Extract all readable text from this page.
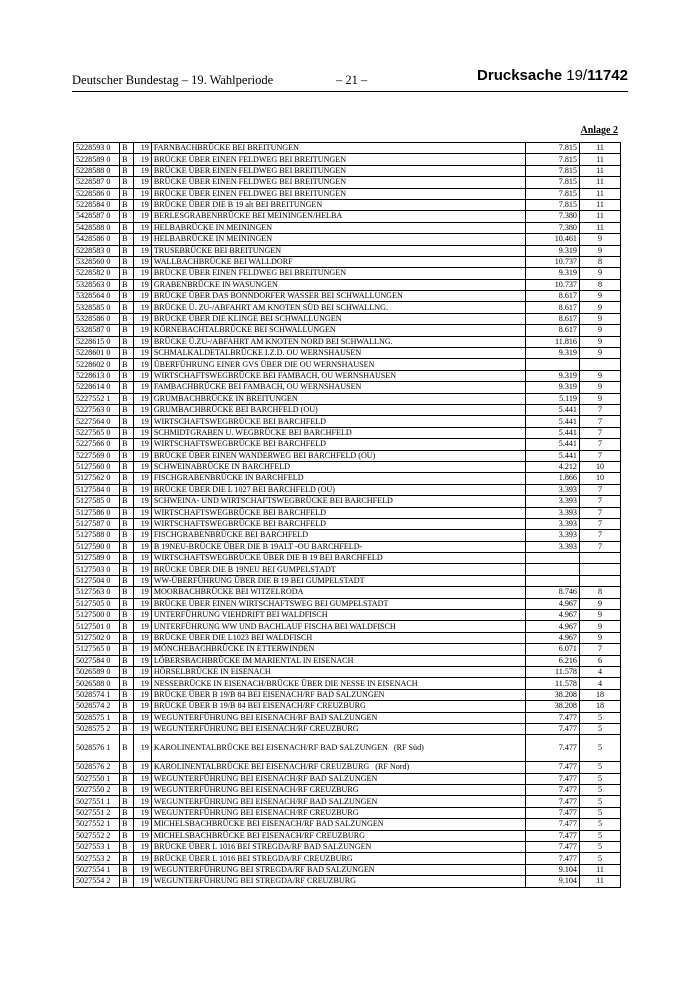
Deutscher Bundestag – 19. Wahlperiode	– 21 –	Drucksache 19/11742
Anlage 2
5228593 0	B	19	FARNBACHBRÜCKE BEI BREITUNGEN	7.815	11
5228589 0	B	19	BRÜCKE ÜBER EINEN FELDWEG BEI BREITUNGEN	7.815	11
5228588 0	B	19	BRÜCKE ÜBER EINEN FELDWEG BEI BREITUNGEN	7.815	11
5228587 0	B	19	BRÜCKE ÜBER EINEN FELDWEG BEI BREITUNGEN	7.815	11
5228586 0	B	19	BRÜCKE ÜBER EINEN FELDWEG BEI BREITUNGEN	7.815	11
5228584 0	B	19	BRÜCKE ÜBER DIE B 19 alt BEI BREITUNGEN	7.815	11
5428587 0	B	19	BERLESGRABENBRÜCKE BEI MEININGEN/HELBA	7.380	11
5428588 0	B	19	HELBABRÜCKE IN MEININGEN	7.380	11
5428586 0	B	19	HELBABRÜCKE IN MEININGEN	10.461	9
5228583 0	B	19	TRUSEBRÜCKE BEI BREITUNGEN	9.319	9
5328560 0	B	19	WALLBACHBRÜCKE BEI WALLDORF	10.737	8
5228582 0	B	19	BRÜCKE ÜBER EINEN FELDWEG BEI BREITUNGEN	9.319	9
5328563 0	B	19	GRABENBRÜCKE IN WASUNGEN	10.737	8
5328564 0	B	19	BRÜCKE ÜBER DAS BONNDORFER WASSER BEI SCHWALLUNGEN	8.617	9
5328585 0	B	19	BRÜCKE Ü. ZU-/ABFAHRT AM KNOTEN SÜD BEI SCHWALLNG.	8.617	9
5328586 0	B	19	BRÜCKE ÜBER DIE KLINGE BEI SCHWALLUNGEN	8.617	9
5328587 0	B	19	KÖRNEBACHTALBRÜCKE BEI SCHWALLUNGEN	8.617	9
5228615 0	B	19	BRÜCKE Ü.ZU-/ABFAHRT AM KNOTEN NORD BEI SCHWALLNG.	11.816	9
5228601 0	B	19	SCHMALKALDETALBRÜCKE I.Z.D. OU WERNSHAUSEN	9.319	9
5228602 0	B	19	ÜBERFÜHRUNG EINER GVS ÜBER DIE OU WERNSHAUSEN		
5228613 0	B	19	WIRTSCHAFTSWEGBRÜCKE BEI FAMBACH, OU WERNSHAUSEN	9.319	9
5228614 0	B	19	FAMBACHBRÜCKE BEI FAMBACH, OU WERNSHAUSEN	9.319	9
5227552 1	B	19	GRUMBACHBRÜCKE IN BREITUNGEN	5.119	9
5227563 0	B	19	GRUMBACHBRÜCKE BEI BARCHFELD (OU)	5.441	7
5227564 0	B	19	WIRTSCHAFTSWEGBRÜCKE BEI BARCHFELD	5.441	7
5227565 0	B	19	SCHMIDTGRABEN U. WEGBRÜCKE BEI BARCHFELD	5.441	7
5227566 0	B	19	WIRTSCHAFTSWEGBRÜCKE BEI BARCHFELD	5.441	7
5227569 0	B	19	BRÜCKE ÜBER EINEN WANDERWEG BEI BARCHFELD (OU)	5.441	7
5127560 0	B	19	SCHWEINABRÜCKE IN BARCHFELD	4.212	10
5127562 0	B	19	FISCHGRABENBRÜCKE IN BARCHFELD	1.866	10
5127584 0	B	19	BRÜCKE ÜBER DIE L 1027 BEI BARCHFELD (OU)	3.393	7
5127585 0	B	19	SCHWEINA- UND WIRTSCHAFTSWEGBRÜCKE BEI BARCHFELD	3.393	7
5127586 0	B	19	WIRTSCHAFTSWEGBRÜCKE BEI BARCHFELD	3.393	7
5127587 0	B	19	WIRTSCHAFTSWEGBRÜCKE BEI BARCHFELD	3.393	7
5127588 0	B	19	FISCHGRABENBRÜCKE BEI BARCHFELD	3.393	7
5127590 0	B	19	B 19NEU-BRÜCKE ÜBER DIE B 19ALT -OU BARCHFELD-	3.393	7
5127589 0	B	19	WIRTSCHAFTSWEGBRÜCKE ÜBER DIE B 19 BEI BARCHFELD		
5127503 0	B	19	BRÜCKE ÜBER DIE B 19NEU BEI GUMPELSTADT		
5127504 0	B	19	WW-ÜBERFÜHRUNG ÜBER DIE B 19 BEI GUMPELSTADT		
5127563 0	B	19	MOORBACHBRÜCKE BEI WITZELRODA	8.746	8
5127505 0	B	19	BRÜCKE ÜBER EINEN WIRTSCHAFTSWEG BEI GUMPELSTADT	4.967	9
5127500 0	B	19	UNTERFÜHRUNG VIEHDRIFT BEI WALDFISCH	4.967	9
5127501 0	B	19	UNTERFÜHRUNG WW UND BACHLAUF FISCHA BEI WALDFISCH	4.967	9
5127502 0	B	19	BRÜCKE ÜBER DIE L1023 BEI WALDFISCH	4.967	9
5127565 0	B	19	MÖNCHEBACHBRÜCKE IN ETTERWINDEN	6.071	7
5027584 0	B	19	LÖBERSBACHBRÜCKE IM MARIENTAL IN EISENACH	6.216	6
5026589 0	B	19	HÖRSELBRÜCKE IN EISENACH	11.578	4
5026588 0	B	19	NESSEBRÜCKE IN EISENACH/BRÜCKE ÜBER DIE NESSE IN EISENACH	11.578	4
5028574 1	B	19	BRÜCKE ÜBER B 19/B 84 BEI EISENACH/RF BAD SALZUNGEN	38.208	18
5028574 2	B	19	BRÜCKE ÜBER B 19/B 84 BEI EISENACH/RF CREUZBURG	38.208	18
5028575 1	B	19	WEGUNTERFÜHRUNG BEI EISENACH/RF BAD SALZUNGEN	7.477	5
5028575 2	B	19	WEGUNTERFÜHRUNG BEI EISENACH/RF CREUZBURG	7.477	5
5028576 1	B	19	KAROLINENTALBRÜCKE BEI EISENACH/RF BAD SALZUNGEN (RF Süd)	7.477	5
5028576 2	B	19	KAROLINENTALBRÜCKE BEI EISENACH/RF CREUZBURG (RF Nord)	7.477	5
5027550 1	B	19	WEGUNTERFÜHRUNG BEI EISENACH/RF BAD SALZUNGEN	7.477	5
5027550 2	B	19	WEGUNTERFÜHRUNG BEI EISENACH/RF CREUZBURG	7.477	5
5027551 1	B	19	WEGUNTERFÜHRUNG BEI EISENACH/RF BAD SALZUNGEN	7.477	5
5027551 2	B	19	WEGUNTERFÜHRUNG BEI EISENACH/RF CREUZBURG	7.477	5
5027552 1	B	19	MICHELSBACHBRÜCKE BEI EISENACH/RF BAD SALZUNGEN	7.477	5
5027552 2	B	19	MICHELSBACHBRÜCKE BEI EISENACH/RF CREUZBURG	7.477	5
5027553 1	B	19	BRÜCKE ÜBER L 1016 BEI STREGDA/RF BAD SALZUNGEN	7.477	5
5027553 2	B	19	BRÜCKE ÜBER L 1016 BEI STREGDA/RF CREUZBURG	7.477	5
5027554 1	B	19	WEGUNTERFÜHRUNG BEI STREGDA/RF BAD SALZUNGEN	9.104	11
5027554 2	B	19	WEGUNTERFÜHRUNG BEI STREGDA/RF CREUZBURG	9.104	11
